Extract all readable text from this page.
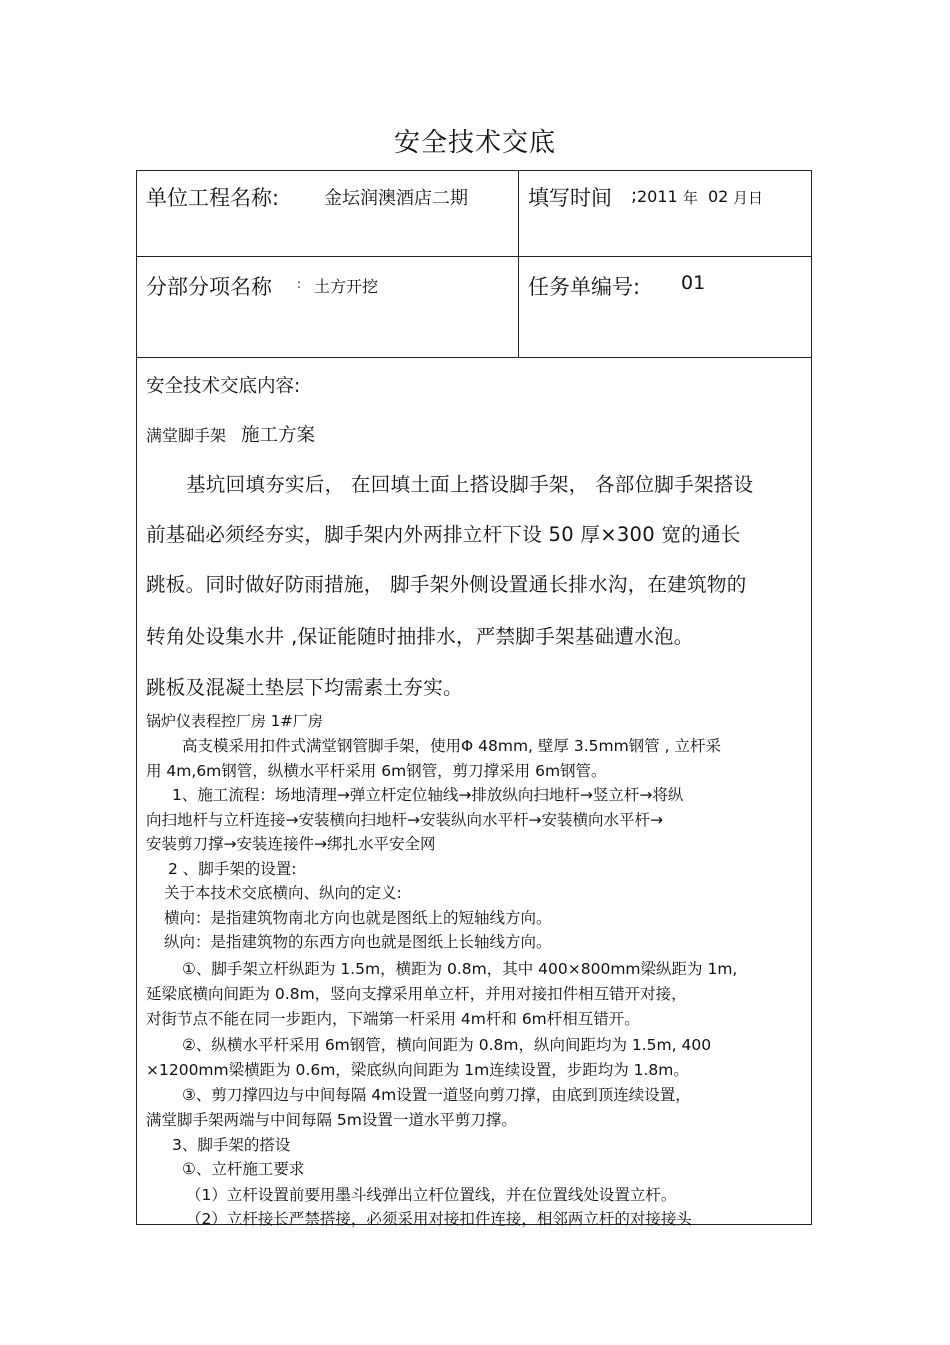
安全技术交底
单位工程名称: 金坛润澳酒店二期	填写时间 ; 2011 年 02 月日
分部分项名称 : 土方开挖	任务单编号: 01
安全技术交底内容:
满堂脚手架 施工方案
基坑回填夯实后， 在回填土面上搭设脚手架， 各部位脚手架搭设
前基础必须经夯实，脚手架内外两排立杆下设 50 厚×300 宽的通长
跳板。同时做好防雨措施， 脚手架外侧设置通长排水沟，在建筑物的
转角处设集水井 ,保证能随时抽排水，严禁脚手架基础遭水泡。
跳板及混凝土垫层下均需素土夯实。
锅炉仪表程控厂房 1#厂房
高支模采用扣件式满堂钢管脚手架，使用Φ 48mm, 壁厚 3.5mm钢管 , 立杆采
用 4m,6m钢管，纵横水平杆采用 6m钢管，剪刀撑采用 6m钢管。
1、施工流程：场地清理→弹立杆定位轴线→排放纵向扫地杆→竖立杆→将纵
向扫地杆与立杆连接→安装横向扫地杆→安装纵向水平杆→安装横向水平杆→
安装剪刀撑→安装连接件→绑扎水平安全网
2 、脚手架的设置:
关于本技术交底横向、纵向的定义:
横向：是指建筑物南北方向也就是图纸上的短轴线方向。
纵向：是指建筑物的东西方向也就是图纸上长轴线方向。
①、脚手架立杆纵距为 1.5m，横距为 0.8m，其中 400×800mm梁纵距为 1m,
延梁底横向间距为 0.8m，竖向支撑采用单立杆，并用对接扣件相互错开对接，
对街节点不能在同一步距内，下端第一杆采用 4m杆和 6m杆相互错开。
②、纵横水平杆采用 6m钢管，横向间距为 0.8m，纵向间距均为 1.5m, 400
×1200mm梁横距为 0.6m，梁底纵向间距为 1m连续设置，步距均为 1.8m。
③、剪刀撑四边与中间每隔 4m设置一道竖向剪刀撑，由底到顶连续设置，
满堂脚手架两端与中间每隔 5m设置一道水平剪刀撑。
3、脚手架的搭设
①、立杆施工要求
（1）立杆设置前要用墨斗线弹出立杆位置线，并在位置线处设置立杆。
（2）立杆接长严禁搭接，必须采用对接扣件连接，相邻两立杆的对接接头
